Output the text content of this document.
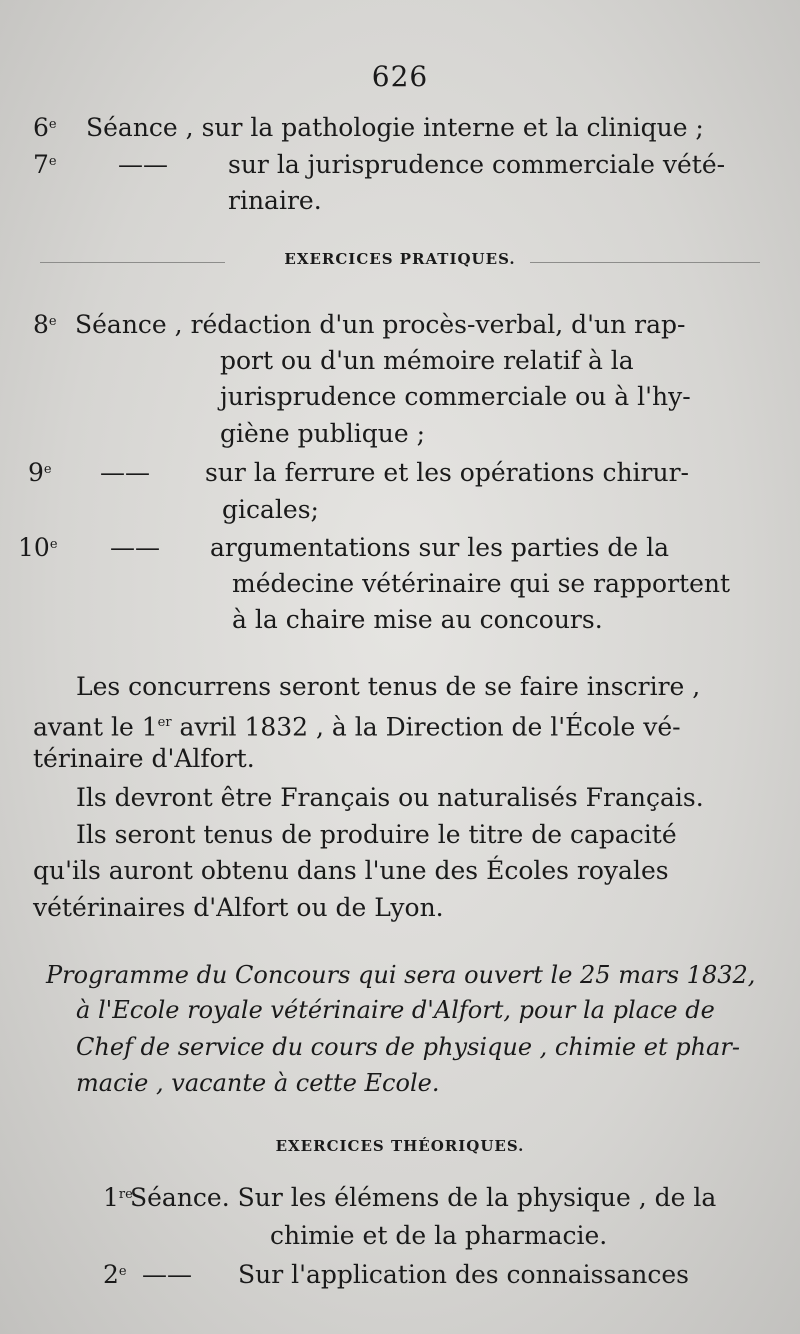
626
6e Séance , sur la pathologie interne et la clinique ;
7e —— sur la jurisprudence commerciale vété-
rinaire.
EXERCICES PRATIQUES.
8e Séance , rédaction d'un procès-verbal, d'un rap-
port ou d'un mémoire relatif à la
jurisprudence commerciale ou à l'hy-
giène publique ;
9e —— sur la ferrure et les opérations chirur-
gicales;
10e —— argumentations sur les parties de la
médecine vétérinaire qui se rapportent
à la chaire mise au concours.
Les concurrens seront tenus de se faire inscrire ,
avant le 1er avril 1832 , à la Direction de l'École vé-
térinaire d'Alfort.
Ils devront être Français ou naturalisés Français.
Ils seront tenus de produire le titre de capacité
qu'ils auront obtenu dans l'une des Écoles royales
vétérinaires d'Alfort ou de Lyon.
Programme du Concours qui sera ouvert le 25 mars 1832,
à l'Ecole royale vétérinaire d'Alfort, pour la place de
Chef de service du cours de physique , chimie et phar-
macie , vacante à cette Ecole.
EXERCICES THÉORIQUES.
1re
Séance. Sur les élémens de la physique , de la
chimie et de la pharmacie.
2e —— Sur l'application des connaissances
